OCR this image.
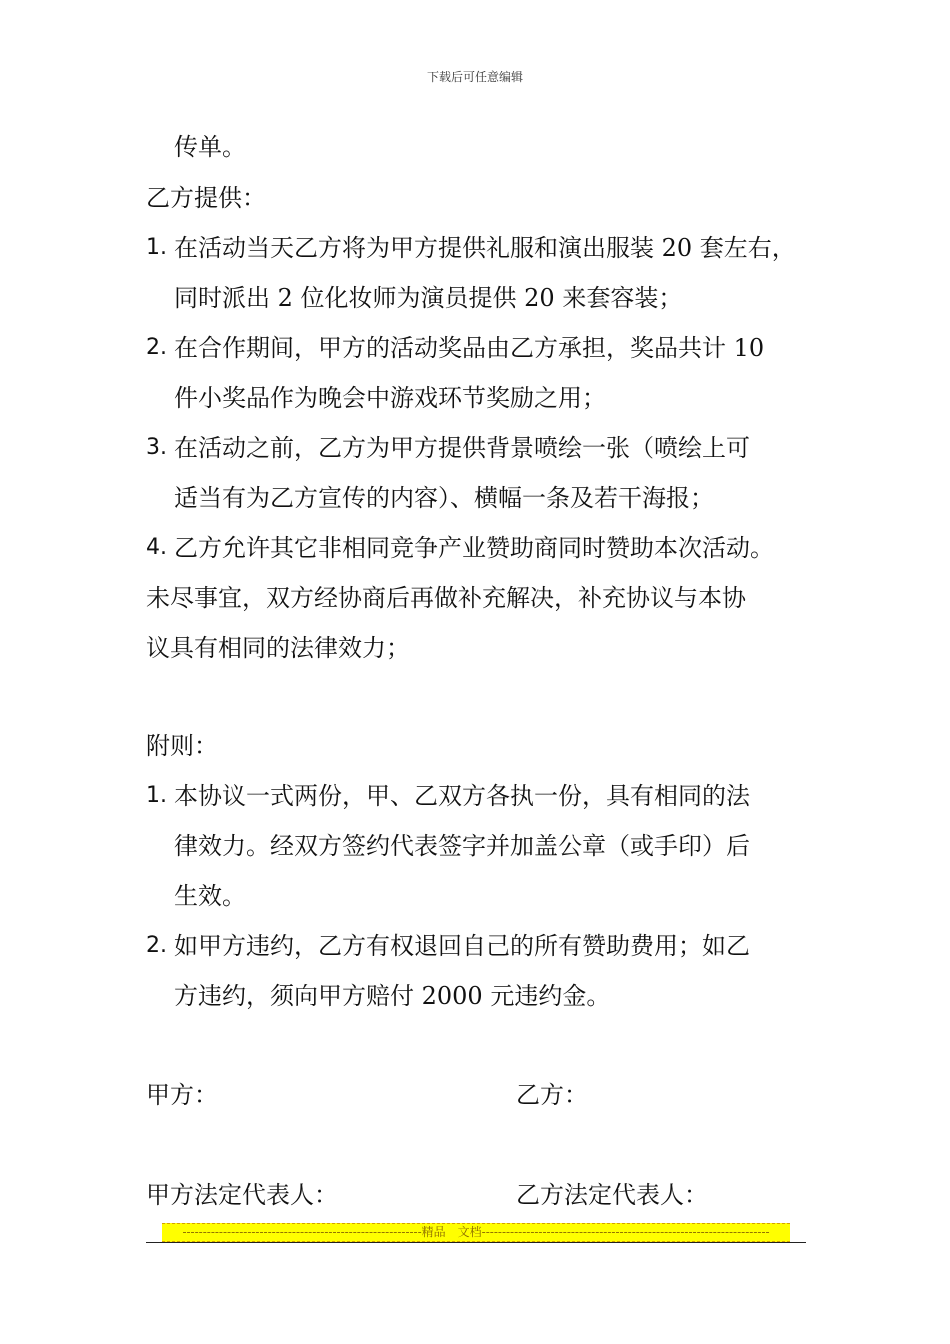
下载后可任意编辑
传单。
乙方提供：
1. 在活动当天乙方将为甲方提供礼服和演出服装 20 套左右，
同时派出 2 位化妆师为演员提供 20 来套容装；
2. 在合作期间，甲方的活动奖品由乙方承担，奖品共计 10
件小奖品作为晚会中游戏环节奖励之用；
3. 在活动之前，乙方为甲方提供背景喷绘一张（喷绘上可
适当有为乙方宣传的内容）、横幅一条及若干海报；
4. 乙方允许其它非相同竞争产业赞助商同时赞助本次活动。
未尽事宜，双方经协商后再做补充解决，补充协议与本协
议具有相同的法律效力；
附则：
1. 本协议一式两份，甲、乙双方各执一份，具有相同的法
律效力。经双方签约代表签字并加盖公章（或手印）后
生效。
2. 如甲方违约，乙方有权退回自己的所有赞助费用；如乙
方违约，须向甲方赔付 2000 元违约金。
甲方：	乙方：
甲方法定代表人：	乙方法定代表人：
-----------------------------------------------------------精品　文档-----------------------------------------------------------------------
